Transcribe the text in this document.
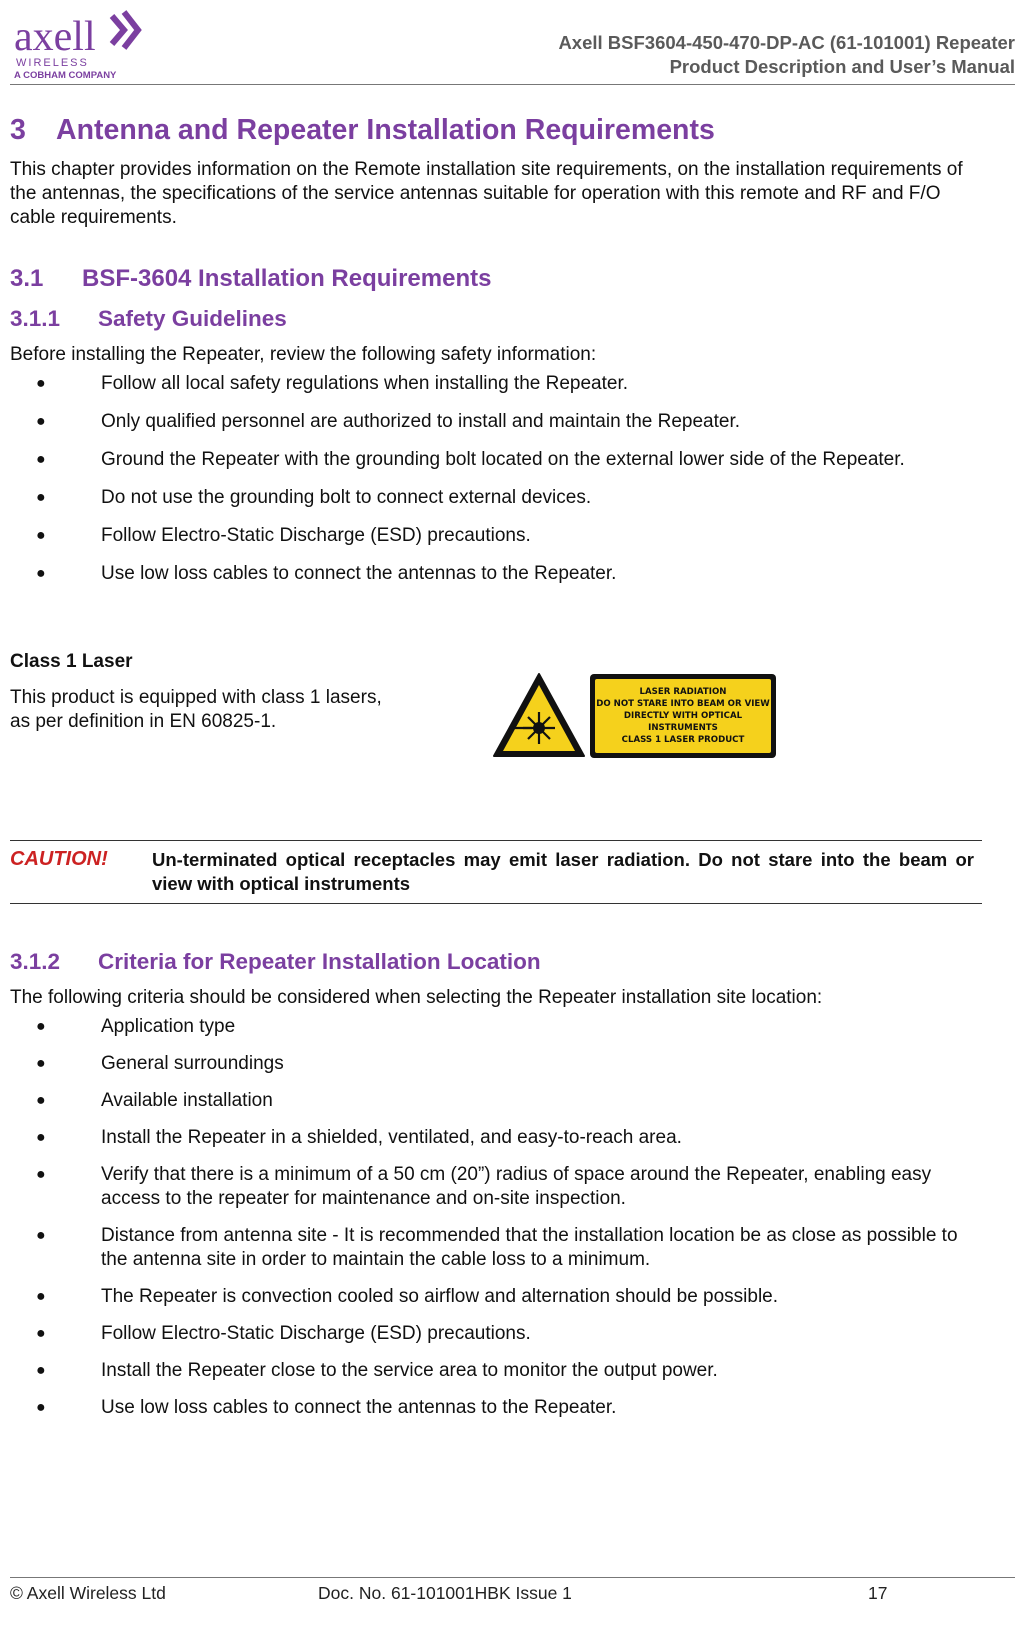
axell
WIRELESS
A COBHAM COMPANY
Axell BSF3604-450-470-DP-AC (61-101001) Repeater
Product Description and User’s Manual
3 Antenna and Repeater Installation Requirements
This chapter provides information on the Remote installation site requirements, on the installation requirements of the antennas, the specifications of the service antennas suitable for operation with this remote and RF and F/O cable requirements.
3.1 BSF-3604 Installation Requirements
3.1.1 Safety Guidelines
Before installing the Repeater, review the following safety information:
●	Follow all local safety regulations when installing the Repeater.
●	Only qualified personnel are authorized to install and maintain the Repeater.
●	Ground the Repeater with the grounding bolt located on the external lower side of the Repeater.
●	Do not use the grounding bolt to connect external devices.
●	Follow Electro-Static Discharge (ESD) precautions.
●	Use low loss cables to connect the antennas to the Repeater.
Class 1 Laser
This product is equipped with class 1 lasers,
as per definition in EN 60825-1.
LASER RADIATION
DO NOT STARE INTO BEAM OR VIEW
DIRECTLY WITH OPTICAL
INSTRUMENTS
CLASS 1 LASER PRODUCT
CAUTION! Un-terminated optical receptacles may emit laser radiation. Do not stare into the beam or view with optical instruments
3.1.2 Criteria for Repeater Installation Location
The following criteria should be considered when selecting the Repeater installation site location:
●	Application type
●	General surroundings
●	Available installation
●	Install the Repeater in a shielded, ventilated, and easy-to-reach area.
●	Verify that there is a minimum of a 50 cm (20”) radius of space around the Repeater, enabling easy access to the repeater for maintenance and on-site inspection.
●	Distance from antenna site - It is recommended that the installation location be as close as possible to the antenna site in order to maintain the cable loss to a minimum.
●	The Repeater is convection cooled so airflow and alternation should be possible.
●	Follow Electro-Static Discharge (ESD) precautions.
●	Install the Repeater close to the service area to monitor the output power.
●	Use low loss cables to connect the antennas to the Repeater.
© Axell Wireless Ltd	Doc. No. 61-101001HBK Issue 1	17
